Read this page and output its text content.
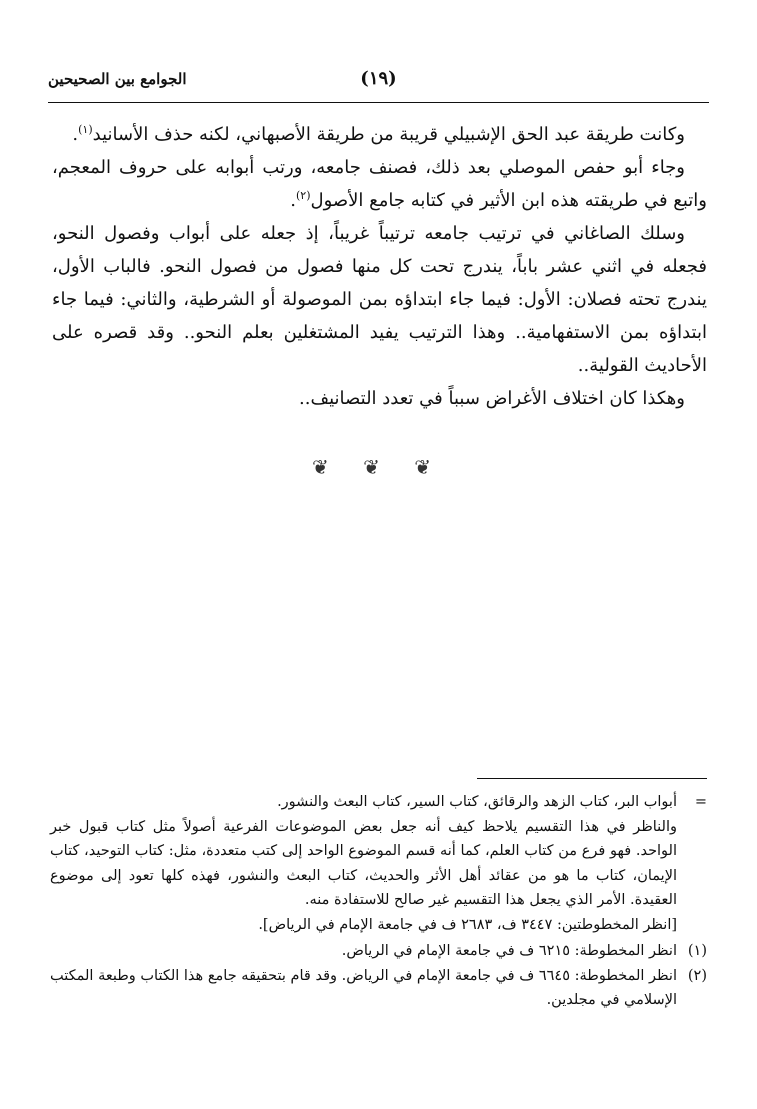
الجوامع بين الصحيحين	(١٩)

وكانت طريقة عبد الحق الإشبيلي قريبة من طريقة الأصبهاني، لكنه حذف الأسانيد$^{(١)}$.

وجاء أبو حفص الموصلي بعد ذلك، فصنف جامعه، ورتب أبوابه على حروف المعجم، واتبع في طريقته هذه ابن الأثير في كتابه جامع الأصول$^{(٢)}$.

وسلك الصاغاني في ترتيب جامعه ترتيباً غريباً، إذ جعله على أبواب وفصول النحو، فجعله في اثني عشر باباً، يندرج تحت كل منها فصول من فصول النحو. فالباب الأول، يندرج تحته فصلان: الأول: فيما جاء ابتداؤه بمن الموصولة أو الشرطية، والثاني: فيما جاء ابتداؤه بمن الاستفهامية.. وهذا الترتيب يفيد المشتغلين بعلم النحو.. وقد قصره على الأحاديث القولية..

وهكذا كان اختلاف الأغراض سبباً في تعدد التصانيف..

❦ ❦ ❦
=
أبواب البر، كتاب الزهد والرقائق، كتاب السير، كتاب البعث والنشور.
والناظر في هذا التقسيم يلاحظ كيف أنه جعل بعض الموضوعات الفرعية أصولاً مثل كتاب قبول خبر الواحد. فهو فرع من كتاب العلم، كما أنه قسم الموضوع الواحد إلى كتب متعددة، مثل: كتاب التوحيد، كتاب الإيمان، كتاب ما هو من عقائد أهل الأثر والحديث، كتاب البعث والنشور، فهذه كلها تعود إلى موضوع العقيدة. الأمر الذي يجعل هذا التقسيم غير صالح للاستفادة منه.
[انظر المخطوطتين: ٣٤٤٧ ف، ٢٦٨٣ ف في جامعة الإمام في الرياض].
(١)
انظر المخطوطة: ٦٢١٥ ف في جامعة الإمام في الرياض.
(٢)
انظر المخطوطة: ٦٦٤٥ ف في جامعة الإمام في الرياض. وقد قام بتحقيقه جامع هذا الكتاب وطبعة المكتب الإسلامي في مجلدين.
